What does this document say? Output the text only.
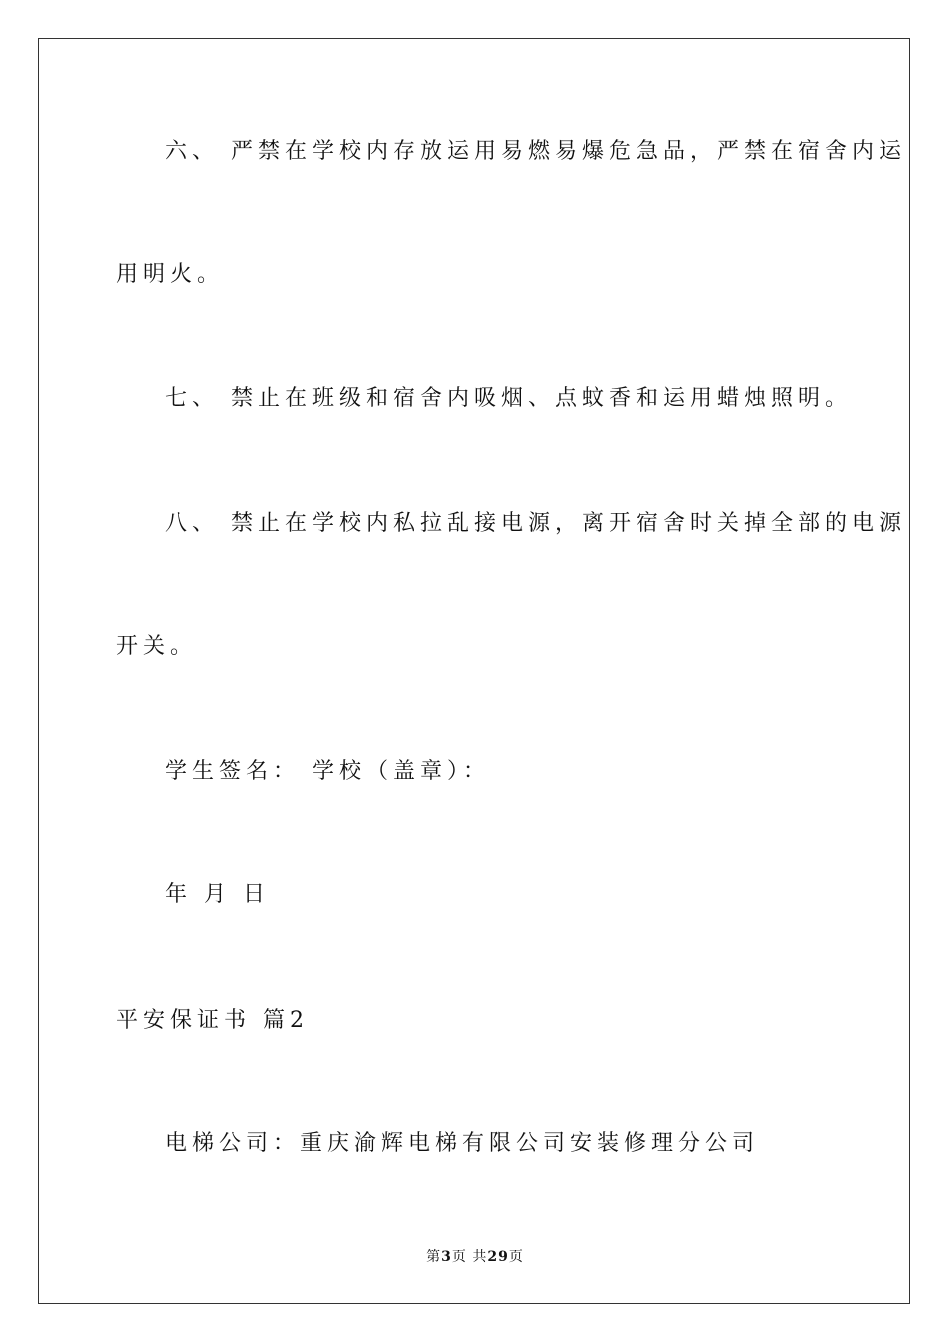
六、 严禁在学校内存放运用易燃易爆危急品，严禁在宿舍内运
用明火。
七、 禁止在班级和宿舍内吸烟、点蚊香和运用蜡烛照明。
八、 禁止在学校内私拉乱接电源，离开宿舍时关掉全部的电源
开关。
学生签名： 学校（盖章）：
年 月 日
平安保证书 篇2
电梯公司：重庆渝辉电梯有限公司安装修理分公司
第3页 共29页
